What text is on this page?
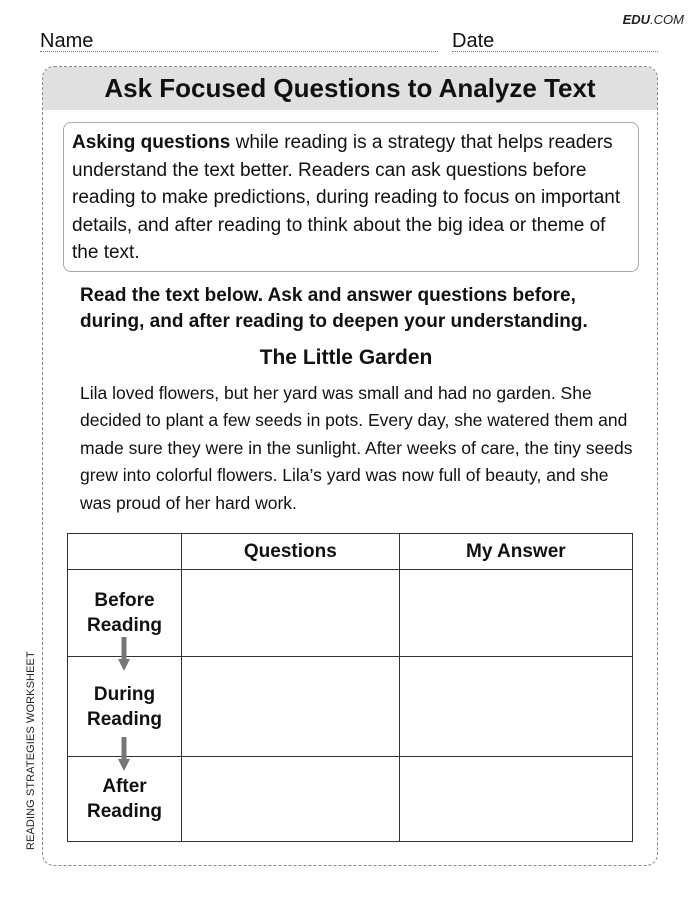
EDU.COM
Name	Date
READING STRATEGIES WORKSHEET
Ask Focused Questions to Analyze Text
Asking questions while reading is a strategy that helps readers understand the text better. Readers can ask questions before reading to make predictions, during reading to focus on important details, and after reading to think about the big idea or theme of the text.
Read the text below. Ask and answer questions before, during, and after reading to deepen your understanding.
The Little Garden
Lila loved flowers, but her yard was small and had no garden. She decided to plant a few seeds in pots. Every day, she watered them and made sure they were in the sunlight. After weeks of care, the tiny seeds grew into colorful flowers. Lila’s yard was now full of beauty, and she was proud of her hard work.
	Questions	My Answer
Before
Reading		
During
Reading		
After
Reading		
